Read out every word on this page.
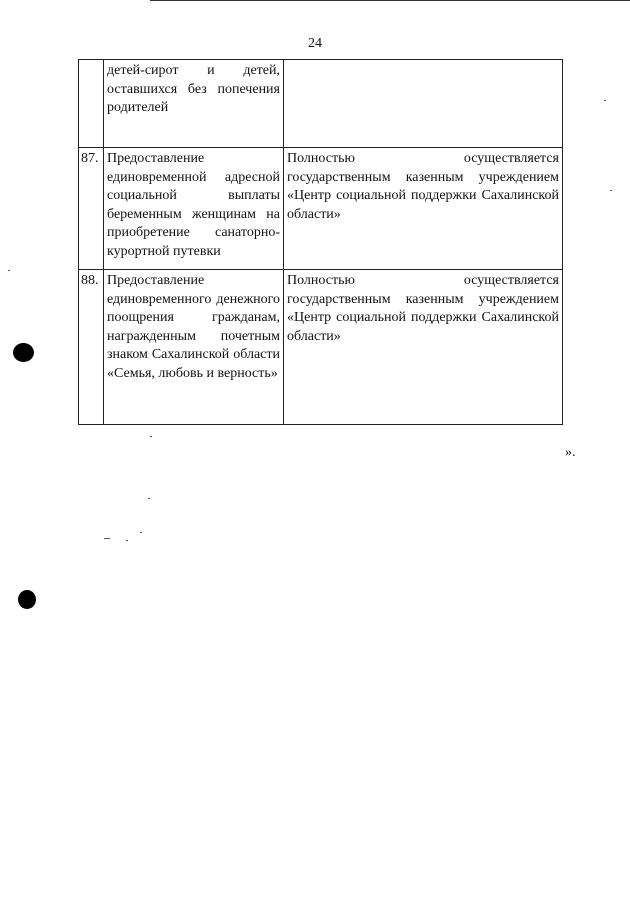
24
	детей-сирот и детей, оставшихся без попечения родителей	
87.	Предоставление единовременной адресной социальной выплаты беременным женщинам на приобретение санаторно-курортной путевки	Полностью осуществляется государственным казенным учреждением «Центр социальной поддержки Сахалинской области»
88.	Предоставление единовременного денежного поощрения гражданам, награжденным почетным знаком Сахалинской области «Семья, любовь и верность»	Полностью осуществляется государственным казенным учреждением «Центр социальной поддержки Сахалинской области»
».
